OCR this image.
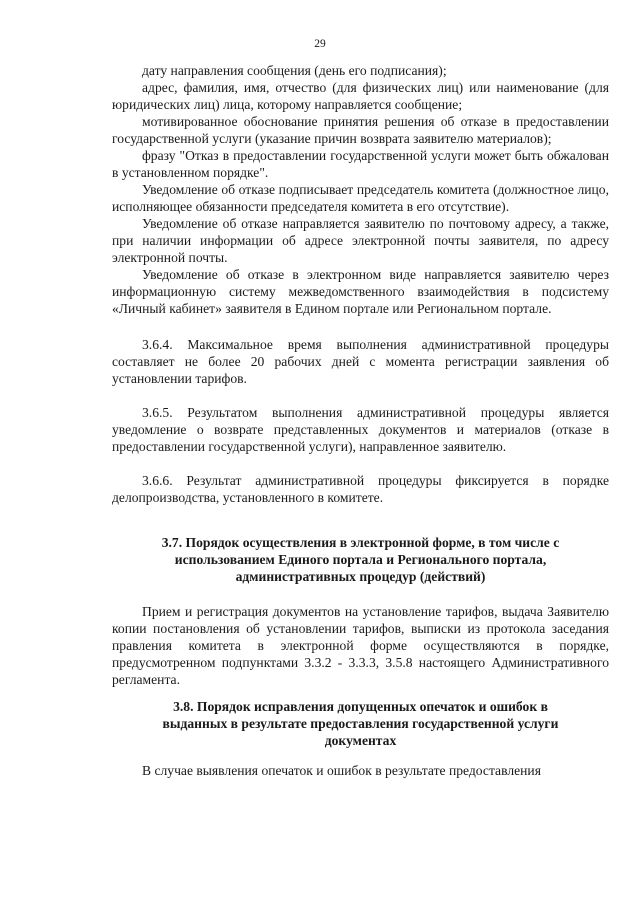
29

дату направления сообщения (день его подписания);

адрес, фамилия, имя, отчество (для физических лиц) или наименование (для юридических лиц) лица, которому направляется сообщение;

мотивированное обоснование принятия решения об отказе в предоставлении государственной услуги (указание причин возврата заявителю материалов);

фразу "Отказ в предоставлении государственной услуги может быть обжалован в установленном порядке".

Уведомление об отказе подписывает председатель комитета (должностное лицо, исполняющее обязанности председателя комитета в его отсутствие).

Уведомление об отказе направляется заявителю по почтовому адресу, а также, при наличии информации об адресе электронной почты заявителя, по адресу электронной почты.

Уведомление об отказе в электронном виде направляется заявителю через информационную систему межведомственного взаимодействия в подсистему «Личный кабинет» заявителя в Едином портале или Региональном портале.

3.6.4. Максимальное время выполнения административной процедуры составляет не более 20 рабочих дней с момента регистрации заявления об установлении тарифов.

3.6.5. Результатом выполнения административной процедуры является уведомление о возврате представленных документов и материалов (отказе в предоставлении государственной услуги), направленное заявителю.

3.6.6. Результат административной процедуры фиксируется в порядке делопроизводства, установленного в комитете.

3.7. Порядок осуществления в электронной форме, в том числе с использованием Единого портала и Регионального портала, административных процедур (действий)

Прием и регистрация документов на установление тарифов, выдача Заявителю копии постановления об установлении тарифов, выписки из протокола заседания правления комитета в электронной форме осуществляются в порядке, предусмотренном подпунктами 3.3.2 - 3.3.3, 3.5.8 настоящего Административного регламента.

3.8. Порядок исправления допущенных опечаток и ошибок в выданных в результате предоставления государственной услуги документах

В случае выявления опечаток и ошибок в результате предоставления
